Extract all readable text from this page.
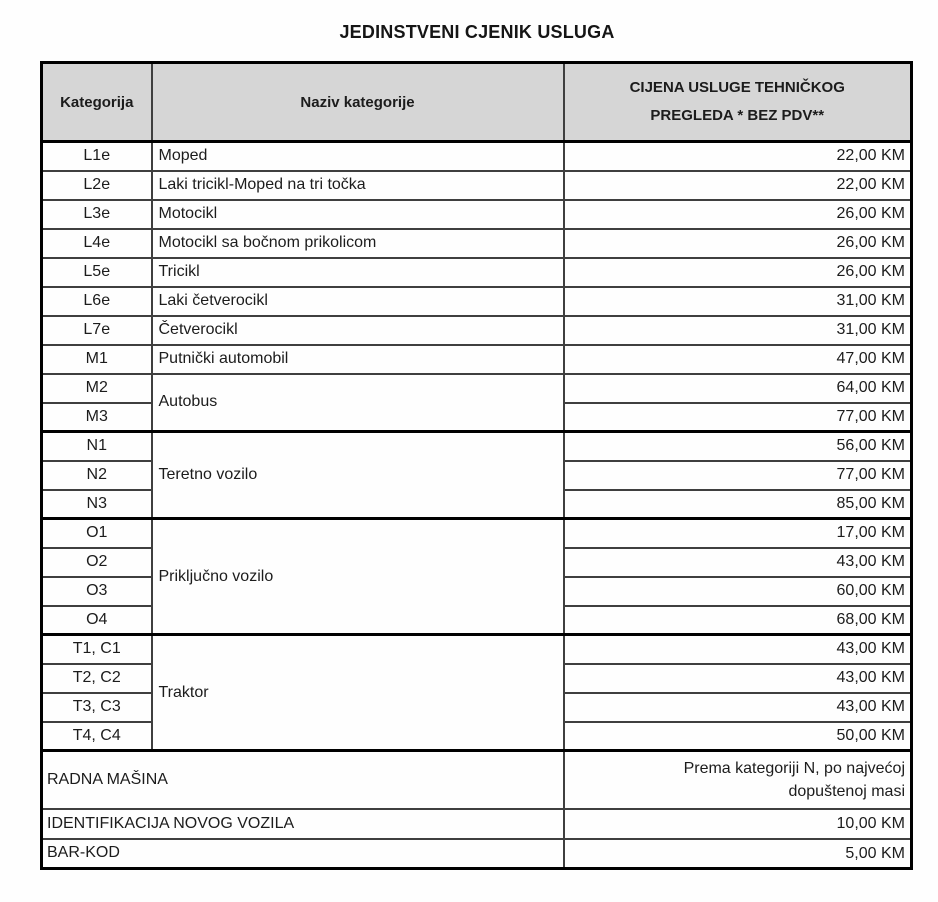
JEDINSTVENI CJENIK USLUGA
Kategorija	Naziv kategorije	CIJENA USLUGE TEHNIČKOG PREGLEDA * BEZ PDV**
L1e	Moped	22,00 KM
L2e	Laki tricikl-Moped na tri točka	22,00 KM
L3e	Motocikl	26,00 KM
L4e	Motocikl sa bočnom prikolicom	26,00 KM
L5e	Tricikl	26,00 KM
L6e	Laki četverocikl	31,00 KM
L7e	Četverocikl	31,00 KM
M1	Putnički automobil	47,00 KM
M2	Autobus	64,00 KM
M3		77,00 KM
N1	Teretno vozilo	56,00 KM
N2		77,00 KM
N3		85,00 KM
O1	Priključno vozilo	17,00 KM
O2		43,00 KM
O3		60,00 KM
O4		68,00 KM
T1, C1	Traktor	43,00 KM
T2, C2		43,00 KM
T3, C3		43,00 KM
T4, C4		50,00 KM
RADNA MAŠINA		Prema kategoriji N, po najvećoj
dopuštenoj masi

IDENTIFIKACIJA NOVOG VOZILA		10,00 KM
BAR-KOD		5,00 KM
